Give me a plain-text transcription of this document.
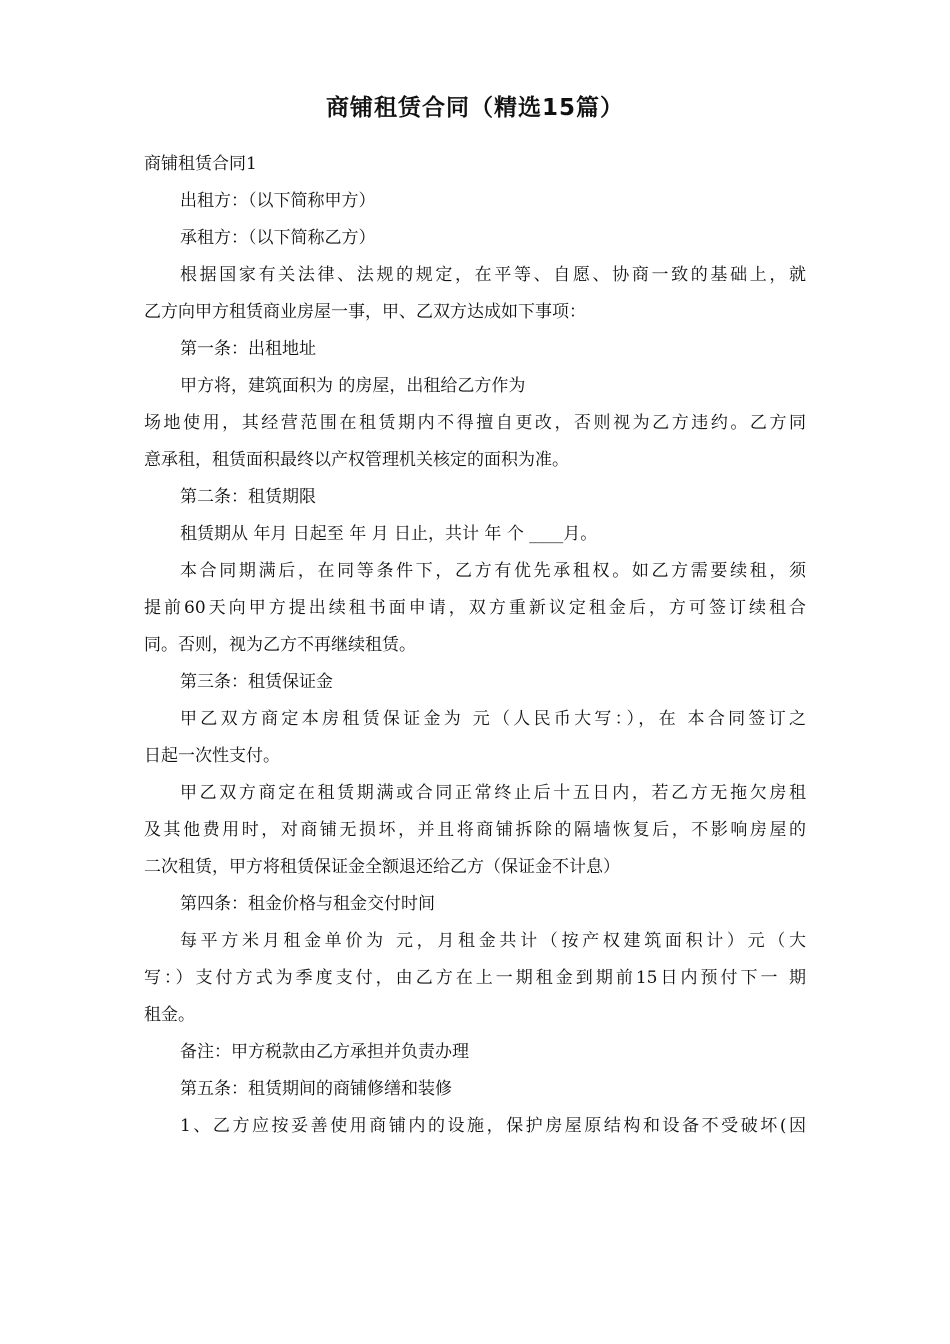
商铺租赁合同（精选15篇）
商铺租赁合同1
出租方：（以下简称甲方）
承租方：（以下简称乙方）
根据国家有关法律、法规的规定，在平等、自愿、协商一致的基础上，就
乙方向甲方租赁商业房屋一事，甲、乙双方达成如下事项：
第一条：出租地址
甲方将，建筑面积为 的房屋，出租给乙方作为
场地使用，其经营范围在租赁期内不得擅自更改，否则视为乙方违约。乙方同
意承租，租赁面积最终以产权管理机关核定的面积为准。
第二条：租赁期限
租赁期从 年月 日起至 年 月 日止，共计 年 个 ____月。
本合同期满后，在同等条件下，乙方有优先承租权。如乙方需要续租，须
提前60天向甲方提出续租书面申请，双方重新议定租金后，方可签订续租合
同。否则，视为乙方不再继续租赁。
第三条：租赁保证金
甲乙双方商定本房租赁保证金为 元（人民币大写：），在 本合同签订之
日起一次性支付。
甲乙双方商定在租赁期满或合同正常终止后十五日内，若乙方无拖欠房租
及其他费用时，对商铺无损坏，并且将商铺拆除的隔墙恢复后，不影响房屋的
二次租赁，甲方将租赁保证金全额退还给乙方（保证金不计息）
第四条：租金价格与租金交付时间
每平方米月租金单价为 元，月租金共计（按产权建筑面积计）元（大
写：）支付方式为季度支付，由乙方在上一期租金到期前15日内预付下一 期
租金。
备注：甲方税款由乙方承担并负责办理
第五条：租赁期间的商铺修缮和装修
1、乙方应按妥善使用商铺内的设施，保护房屋原结构和设备不受破坏(因
